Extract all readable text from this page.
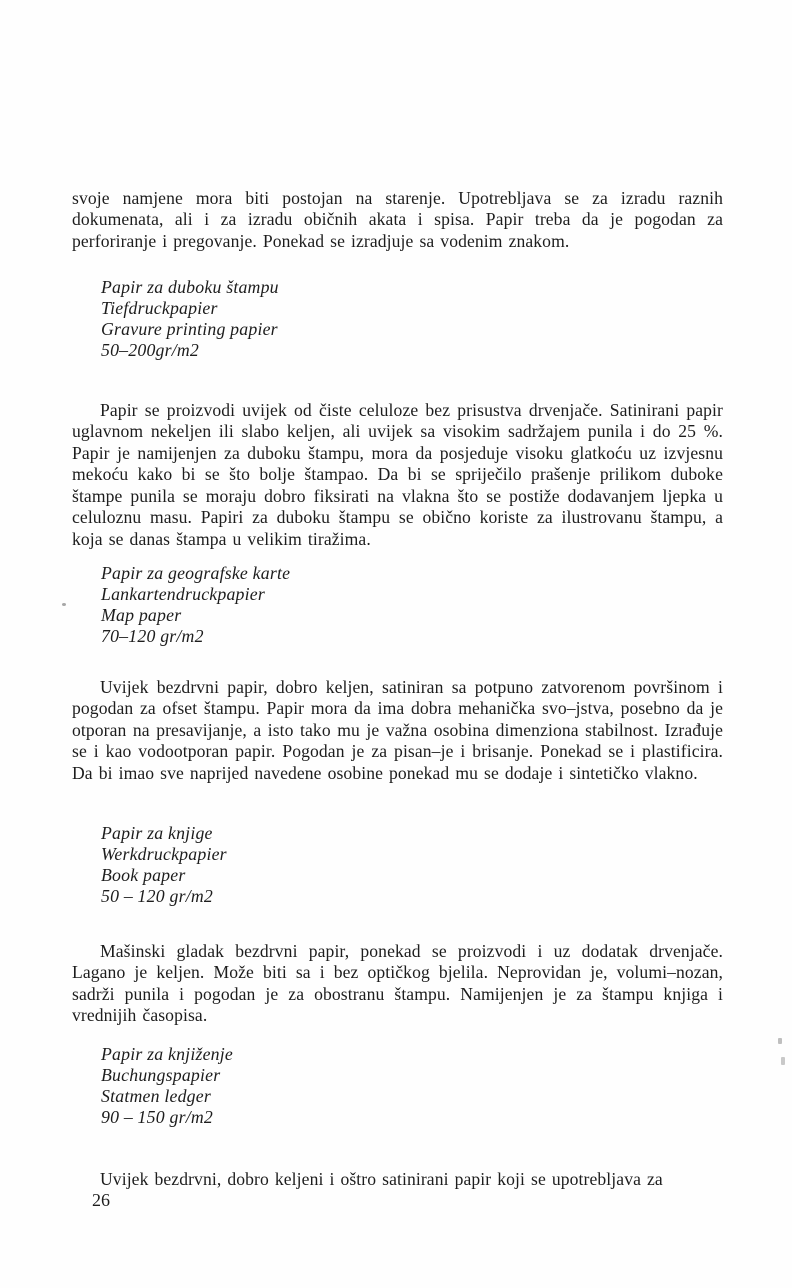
svoje namjene mora biti postojan na starenje. Upotrebljava se za izradu raznih dokumenata, ali i za izradu običnih akata i spisa. Papir treba da je pogodan za perforiranje i pregovanje. Ponekad se izradjuje sa vodenim znakom.

Papir za duboku štampu
Tiefdruckpapier
Gravure printing papier
50–200gr/m2

Papir se proizvodi uvijek od čiste celuloze bez prisustva drvenjače. Satinirani papir uglavnom nekeljen ili slabo keljen, ali uvijek sa visokim sadržajem punila i do 25 %. Papir je namijenjen za duboku štampu, mora da posjeduje visoku glatkoću uz izvjesnu mekoću kako bi se što bolje štampao. Da bi se spriječilo prašenje prilikom duboke štampe punila se moraju dobro fiksirati na vlakna što se postiže dodavanjem ljepka u celuloznu masu. Papiri za duboku štampu se obično koriste za ilustrovanu štampu, a koja se danas štampa u velikim tiražima.

Papir za geografske karte
Lankartendruckpapier
Map paper
70–120 gr/m2

Uvijek bezdrvni papir, dobro keljen, satiniran sa potpuno zatvorenom površinom i pogodan za ofset štampu. Papir mora da ima dobra mehanička svo–jstva, posebno da je otporan na presavijanje, a isto tako mu je važna osobina dimenziona stabilnost. Izrađuje se i kao vodootporan papir. Pogodan je za pisan–je i brisanje. Ponekad se i plastificira. Da bi imao sve naprijed navedene osobine ponekad mu se dodaje i sintetičko vlakno.

Papir za knjige
Werkdruckpapier
Book paper
50 – 120 gr/m2

Mašinski gladak bezdrvni papir, ponekad se proizvodi i uz dodatak drvenjače. Lagano je keljen. Može biti sa i bez optičkog bjelila. Neprovidan je, volumi–nozan, sadrži punila i pogodan je za obostranu štampu. Namijenjen je za štampu knjiga i vrednijih časopisa.

Papir za knjiženje
Buchungspapier
Statmen ledger
90 – 150 gr/m2

Uvijek bezdrvni, dobro keljeni i oštro satinirani papir koji se upotrebljava za

26
